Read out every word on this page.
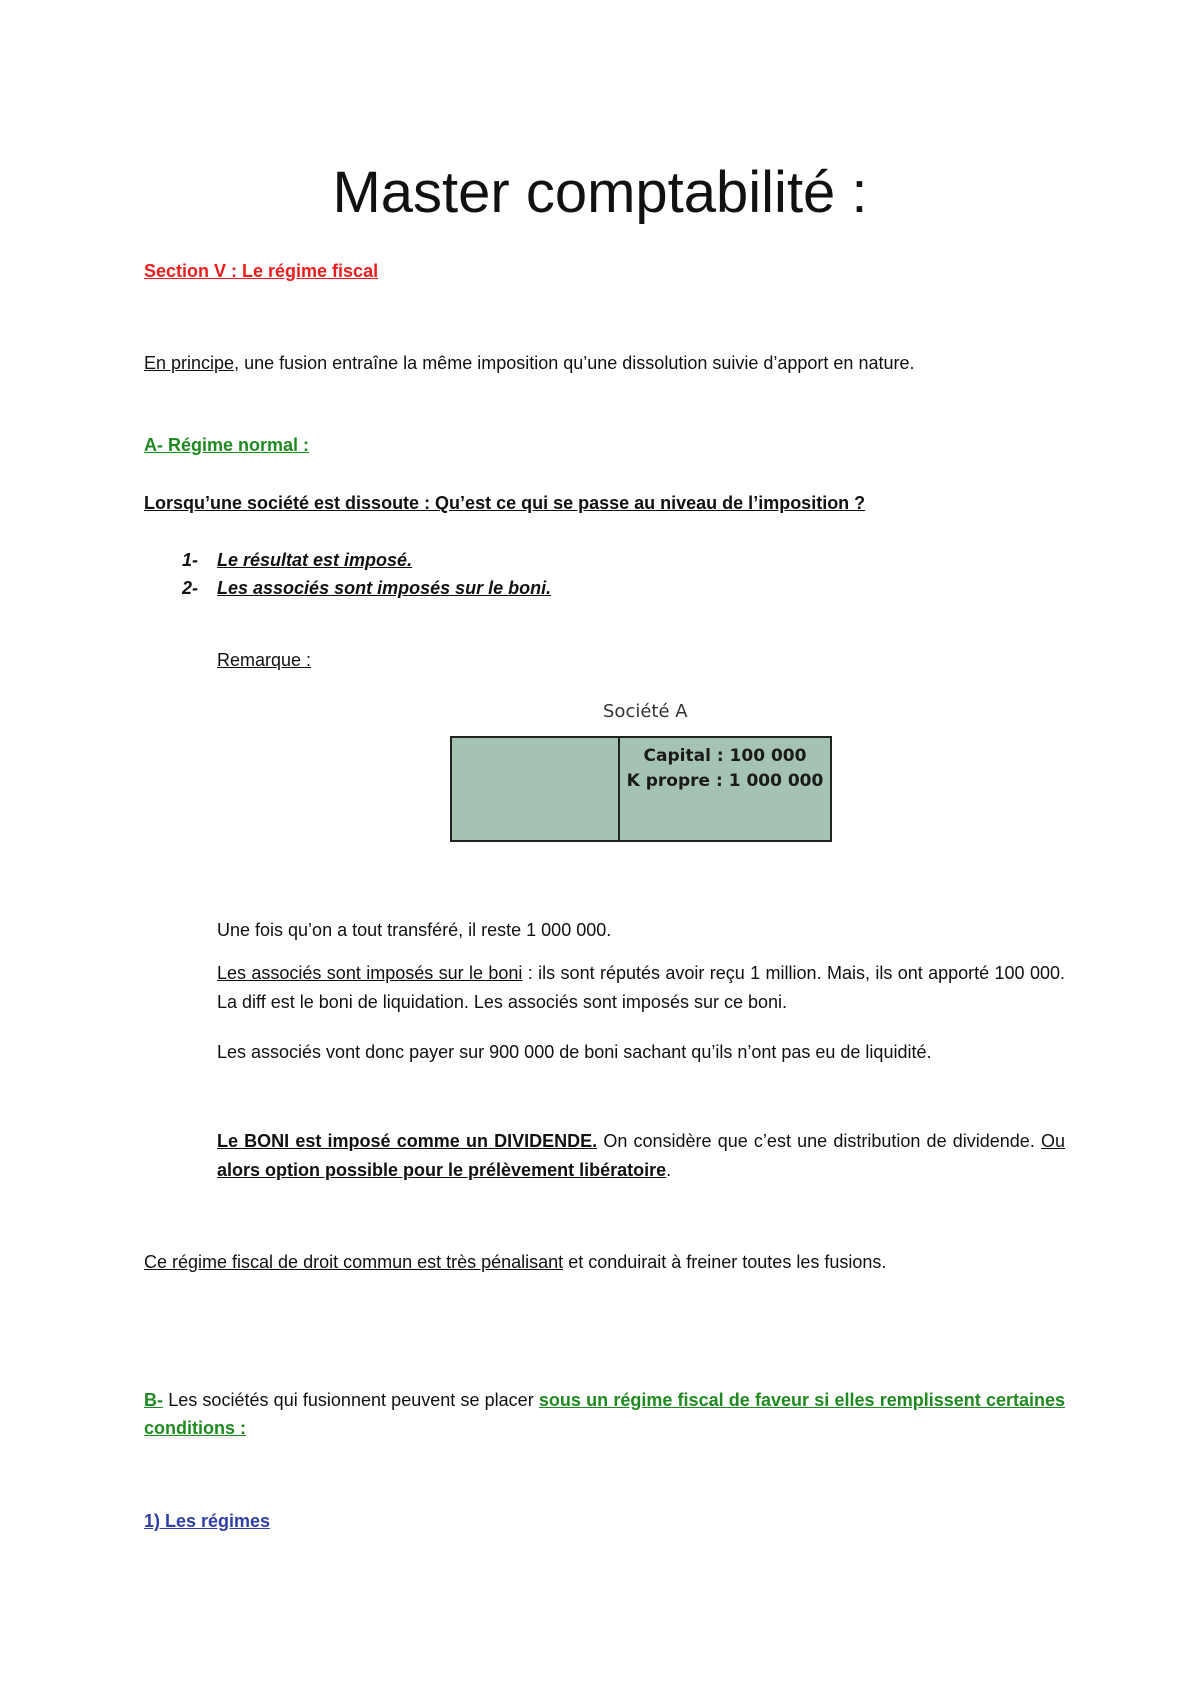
Master comptabilité :
Section V : Le régime fiscal
En principe, une fusion entraîne la même imposition qu’une dissolution suivie d’apport en nature.
A- Régime normal :
Lorsqu’une société est dissoute : Qu’est ce qui se passe au niveau de l’imposition ?
1- Le résultat est imposé.
2- Les associés sont imposés sur le boni.
Remarque :
Société A
Capital : 100 000
K propre : 1 000 000
Une fois qu’on a tout transféré, il reste 1 000 000.
Les associés sont imposés sur le boni : ils sont réputés avoir reçu 1 million. Mais, ils ont apporté 100 000. La diff est le boni de liquidation. Les associés sont imposés sur ce boni.
Les associés vont donc payer sur 900 000 de boni sachant qu’ils n’ont pas eu de liquidité.
Le BONI est imposé comme un DIVIDENDE. On considère que c’est une distribution de dividende. Ou alors option possible pour le prélèvement libératoire.
Ce régime fiscal de droit commun est très pénalisant et conduirait à freiner toutes les fusions.
B- Les sociétés qui fusionnent peuvent se placer sous un régime fiscal de faveur si elles remplissent certaines conditions :
1) Les régimes
